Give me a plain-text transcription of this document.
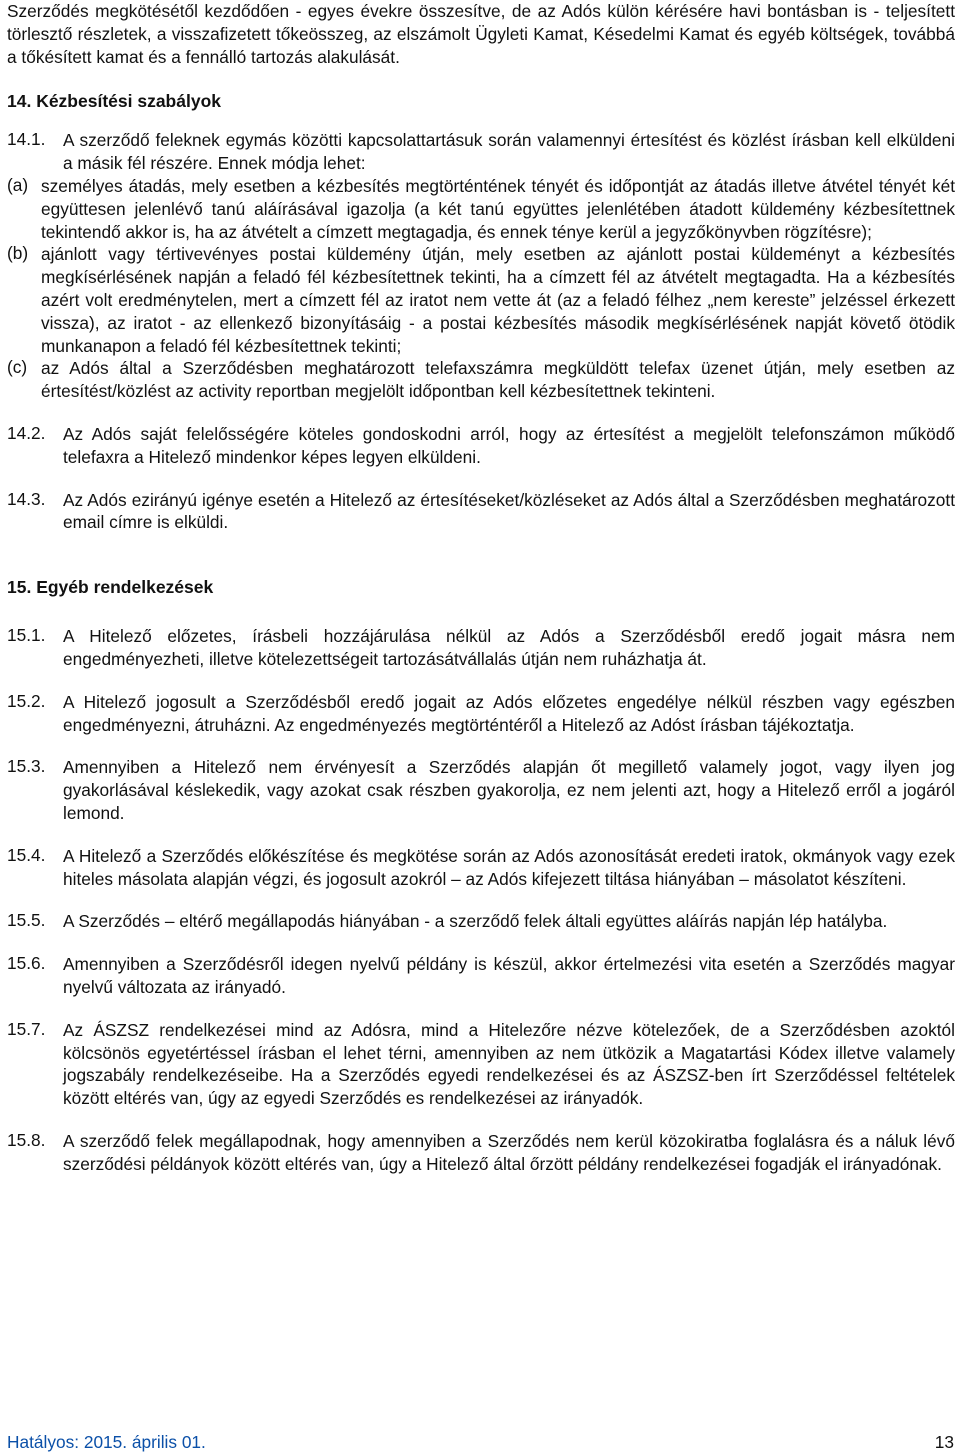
Szerződés megkötésétől kezdődően - egyes évekre összesítve, de az Adós külön kérésére havi bontásban is - teljesített törlesztő részletek, a visszafizetett tőkeösszeg, az elszámolt Ügyleti Kamat, Késedelmi Kamat és egyéb költségek, továbbá a tőkésített kamat és a fennálló tartozás alakulását.

14. Kézbesítési szabályok

14.1.	A szerződő feleknek egymás közötti kapcsolattartásuk során valamennyi értesítést és közlést írásban kell elküldeni a másik fél részére. Ennek módja lehet:

(a) személyes átadás, mely esetben a kézbesítés megtörténtének tényét és időpontját az átadás illetve átvétel tényét két együttesen jelenlévő tanú aláírásával igazolja (a két tanú együttes jelenlétében átadott küldemény kézbesítettnek tekintendő akkor is, ha az átvételt a címzett megtagadja, és ennek ténye kerül a jegyzőkönyvben rögzítésre);

(b) ajánlott vagy tértivevényes postai küldemény útján, mely esetben az ajánlott postai küldeményt a kézbesítés megkísérlésének napján a feladó fél kézbesítettnek tekinti, ha a címzett fél az átvételt megtagadta. Ha a kézbesítés azért volt eredménytelen, mert a címzett fél az iratot nem vette át (az a feladó félhez „nem kereste” jelzéssel érkezett vissza), az iratot - az ellenkező bizonyításáig - a postai kézbesítés második megkísérlésének napját követő ötödik munkanapon a feladó fél kézbesítettnek tekinti;

(c) az Adós által a Szerződésben meghatározott telefaxszámra megküldött telefax üzenet útján, mely esetben az értesítést/közlést az activity reportban megjelölt időpontban kell kézbesítettnek tekinteni.

14.2.	Az Adós saját felelősségére köteles gondoskodni arról, hogy az értesítést a megjelölt telefonszámon működő telefaxra a Hitelező mindenkor képes legyen elküldeni.

14.3.	Az Adós ezirányú igénye esetén a Hitelező az értesítéseket/közléseket az Adós által a Szerződésben meghatározott email címre is elküldi.

15. Egyéb rendelkezések

15.1.	A Hitelező előzetes, írásbeli hozzájárulása nélkül az Adós a Szerződésből eredő jogait másra nem engedményezheti, illetve kötelezettségeit tartozásátvállalás útján nem ruházhatja át.

15.2.	A Hitelező jogosult a Szerződésből eredő jogait az Adós előzetes engedélye nélkül részben vagy egészben engedményezni, átruházni. Az engedményezés megtörténtéről a Hitelező az Adóst írásban tájékoztatja.

15.3.	Amennyiben a Hitelező nem érvényesít a Szerződés alapján őt megillető valamely jogot, vagy ilyen jog gyakorlásával késlekedik, vagy azokat csak részben gyakorolja, ez nem jelenti azt, hogy a Hitelező erről a jogáról lemond.

15.4.	A Hitelező a Szerződés előkészítése és megkötése során az Adós azonosítását eredeti iratok, okmányok vagy ezek hiteles másolata alapján végzi, és jogosult azokról – az Adós kifejezett tiltása hiányában – másolatot készíteni.

15.5.	A Szerződés – eltérő megállapodás hiányában - a szerződő felek általi együttes aláírás napján lép hatályba.

15.6.	Amennyiben a Szerződésről idegen nyelvű példány is készül, akkor értelmezési vita esetén a Szerződés magyar nyelvű változata az irányadó.

15.7.	Az ÁSZSZ rendelkezései mind az Adósra, mind a Hitelezőre nézve kötelezőek, de a Szerződésben azoktól kölcsönös egyetértéssel írásban el lehet térni, amennyiben az nem ütközik a Magatartási Kódex illetve valamely jogszabály rendelkezéseibe. Ha a Szerződés egyedi rendelkezései és az ÁSZSZ-ben írt Szerződéssel feltételek között eltérés van, úgy az egyedi Szerződés es rendelkezései az irányadók.

15.8.	A szerződő felek megállapodnak, hogy amennyiben a Szerződés nem kerül közokiratba foglalásra és a náluk lévő szerződési példányok között eltérés van, úgy a Hitelező által őrzött példány rendelkezései fogadják el irányadónak.

Hatályos: 2015. április 01.	13
